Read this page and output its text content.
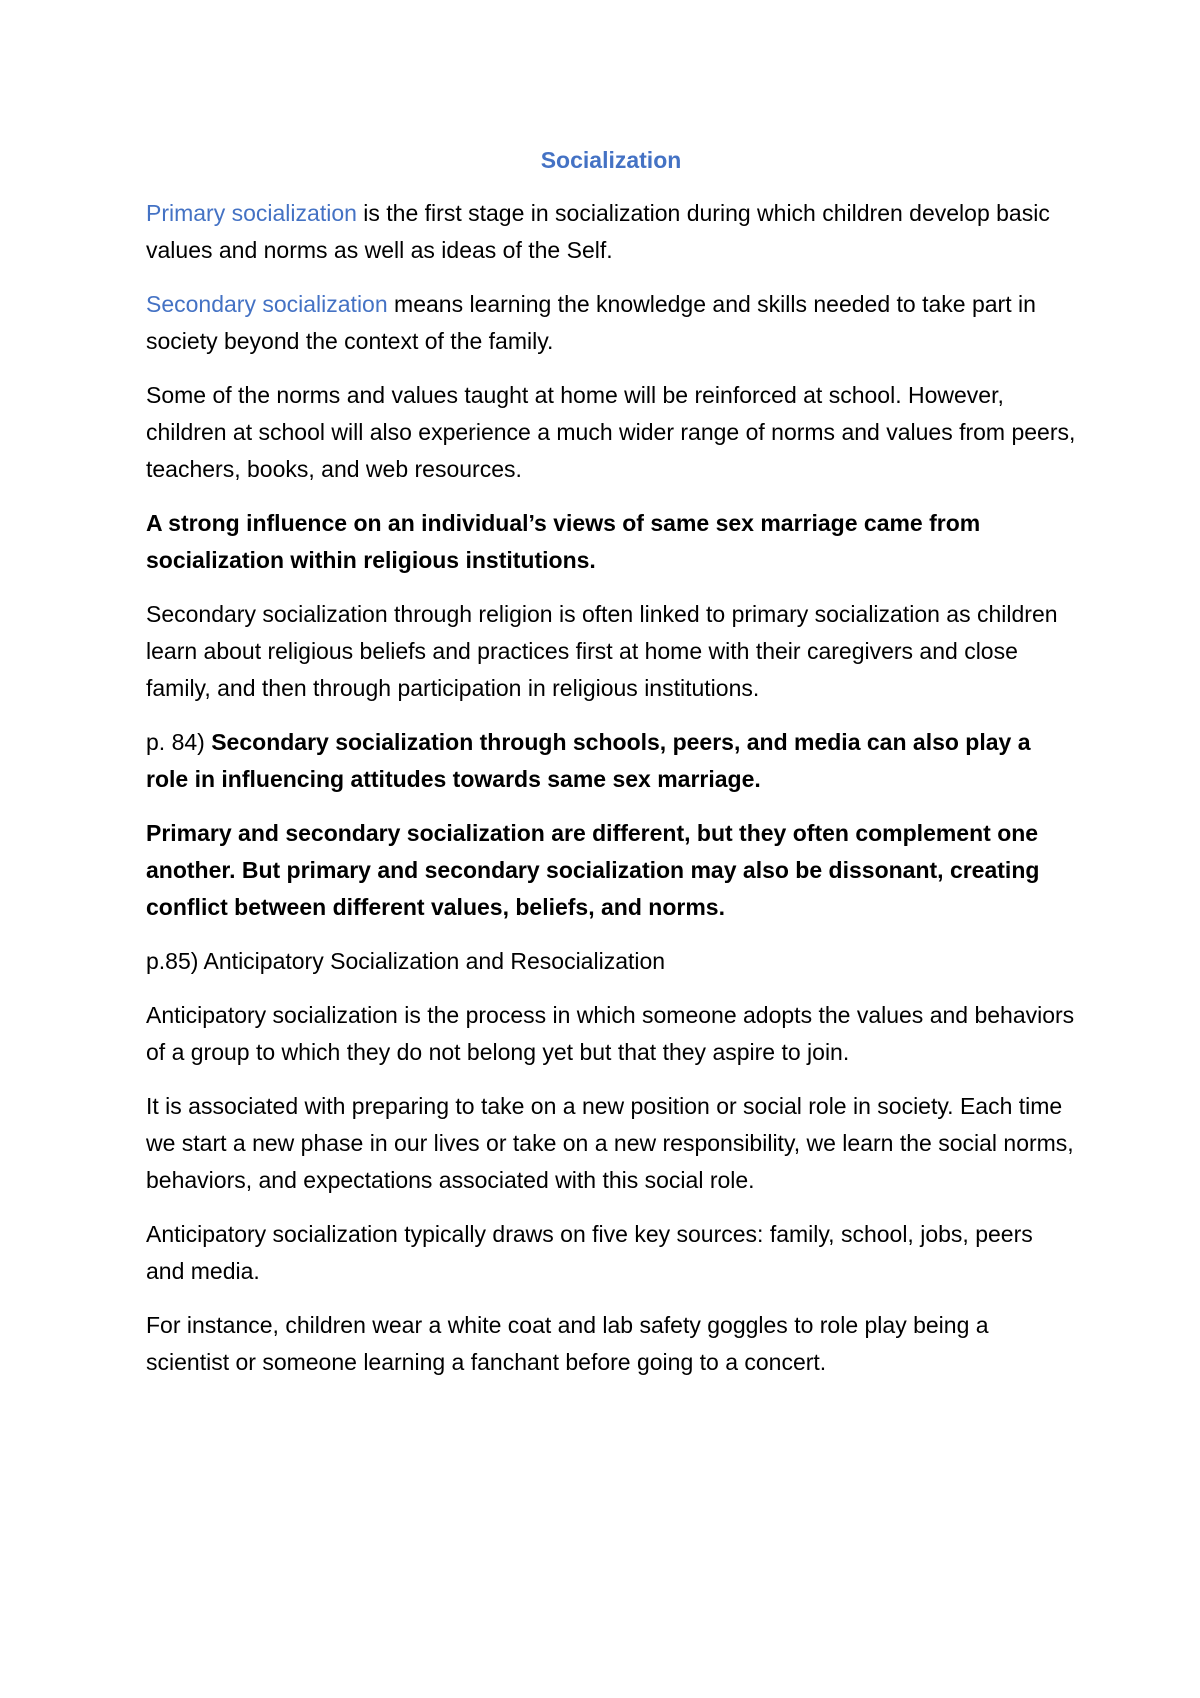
Socialization

Primary socialization is the first stage in socialization during which children develop basic values and norms as well as ideas of the Self.

Secondary socialization means learning the knowledge and skills needed to take part in society beyond the context of the family.

Some of the norms and values taught at home will be reinforced at school. However, children at school will also experience a much wider range of norms and values from peers, teachers, books, and web resources.

A strong influence on an individual’s views of same sex marriage came from socialization within religious institutions.

Secondary socialization through religion is often linked to primary socialization as children learn about religious beliefs and practices first at home with their caregivers and close family, and then through participation in religious institutions.

p. 84) Secondary socialization through schools, peers, and media can also play a role in influencing attitudes towards same sex marriage.

Primary and secondary socialization are different, but they often complement one another. But primary and secondary socialization may also be dissonant, creating conflict between different values, beliefs, and norms.

p.85) Anticipatory Socialization and Resocialization

Anticipatory socialization is the process in which someone adopts the values and behaviors of a group to which they do not belong yet but that they aspire to join.

It is associated with preparing to take on a new position or social role in society. Each time we start a new phase in our lives or take on a new responsibility, we learn the social norms, behaviors, and expectations associated with this social role.

Anticipatory socialization typically draws on five key sources: family, school, jobs, peers and media.

For instance, children wear a white coat and lab safety goggles to role play being a scientist or someone learning a fanchant before going to a concert.
